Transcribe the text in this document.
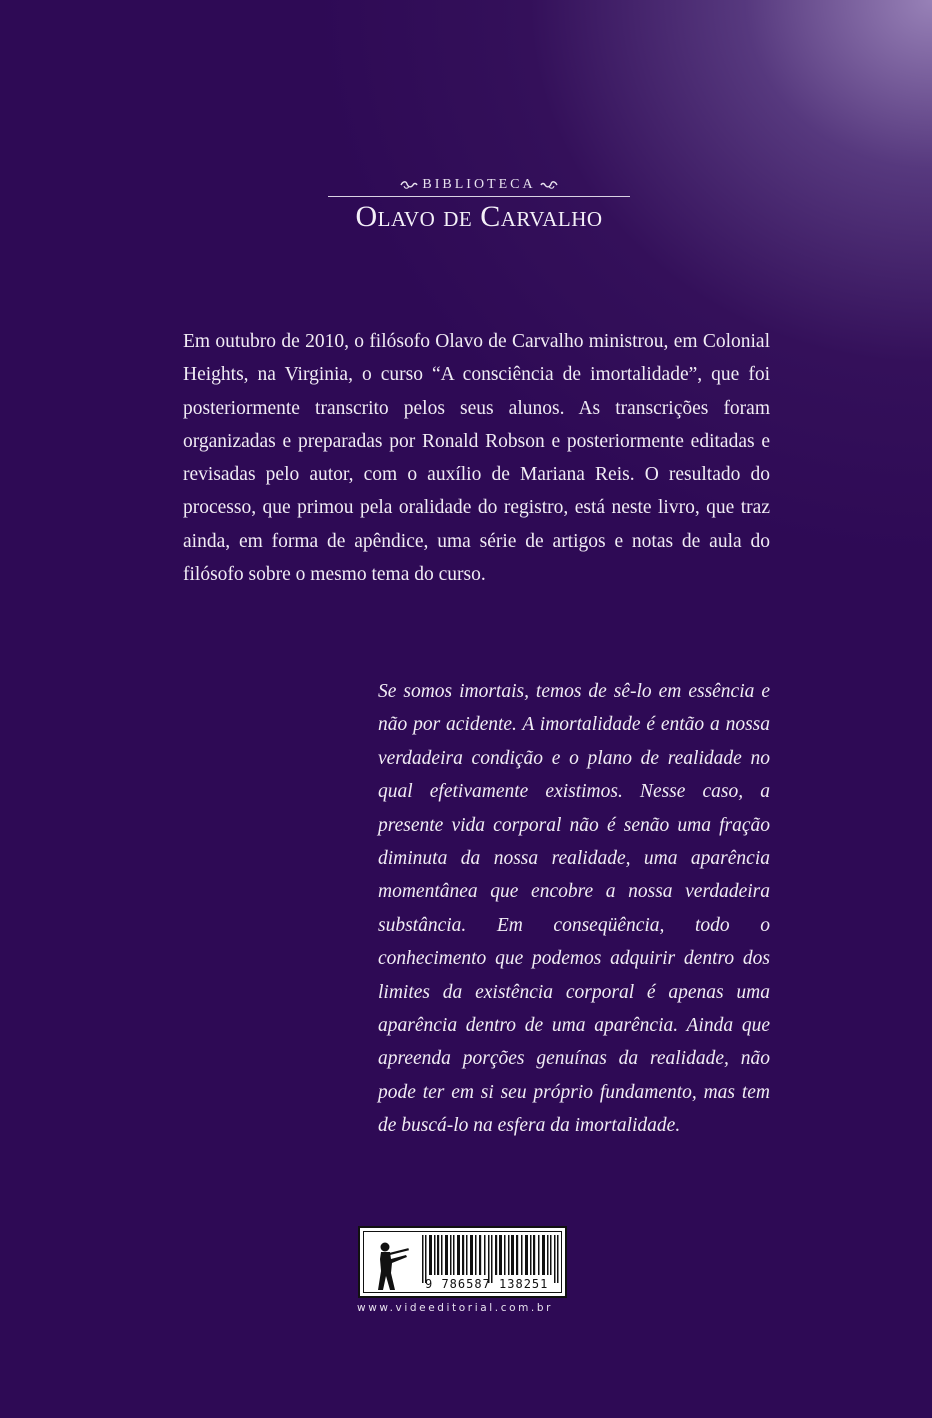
BIBLIOTECA
Olavo de Carvalho
Em outubro de 2010, o filósofo Olavo de Carvalho ministrou, em Colonial Heights, na Virginia, o curso “A consciência de imortalidade”, que foi posteriormente transcrito pelos seus alunos. As transcrições foram organizadas e preparadas por Ronald Robson e posteriormente editadas e revisadas pelo autor, com o auxílio de Mariana Reis. O resultado do processo, que primou pela oralidade do registro, está neste livro, que traz ainda, em forma de apêndice, uma série de artigos e notas de aula do filósofo sobre o mesmo tema do curso.
Se somos imortais, temos de sê-lo em essência e não por acidente. A imortalidade é então a nossa verdadeira condição e o plano de realidade no qual efetivamente existimos. Nesse caso, a presente vida corporal não é senão uma fração diminuta da nossa realidade, uma aparência momentânea que encobre a nossa verdadeira substância. Em conseqüência, todo o conhecimento que podemos adquirir dentro dos limites da existência corporal é apenas uma aparência dentro de uma aparência. Ainda que apreenda porções genuínas da realidade, não pode ter em si seu próprio fundamento, mas tem de buscá-lo na esfera da imortalidade.
9 786587 138251
www.videeditorial.com.br
